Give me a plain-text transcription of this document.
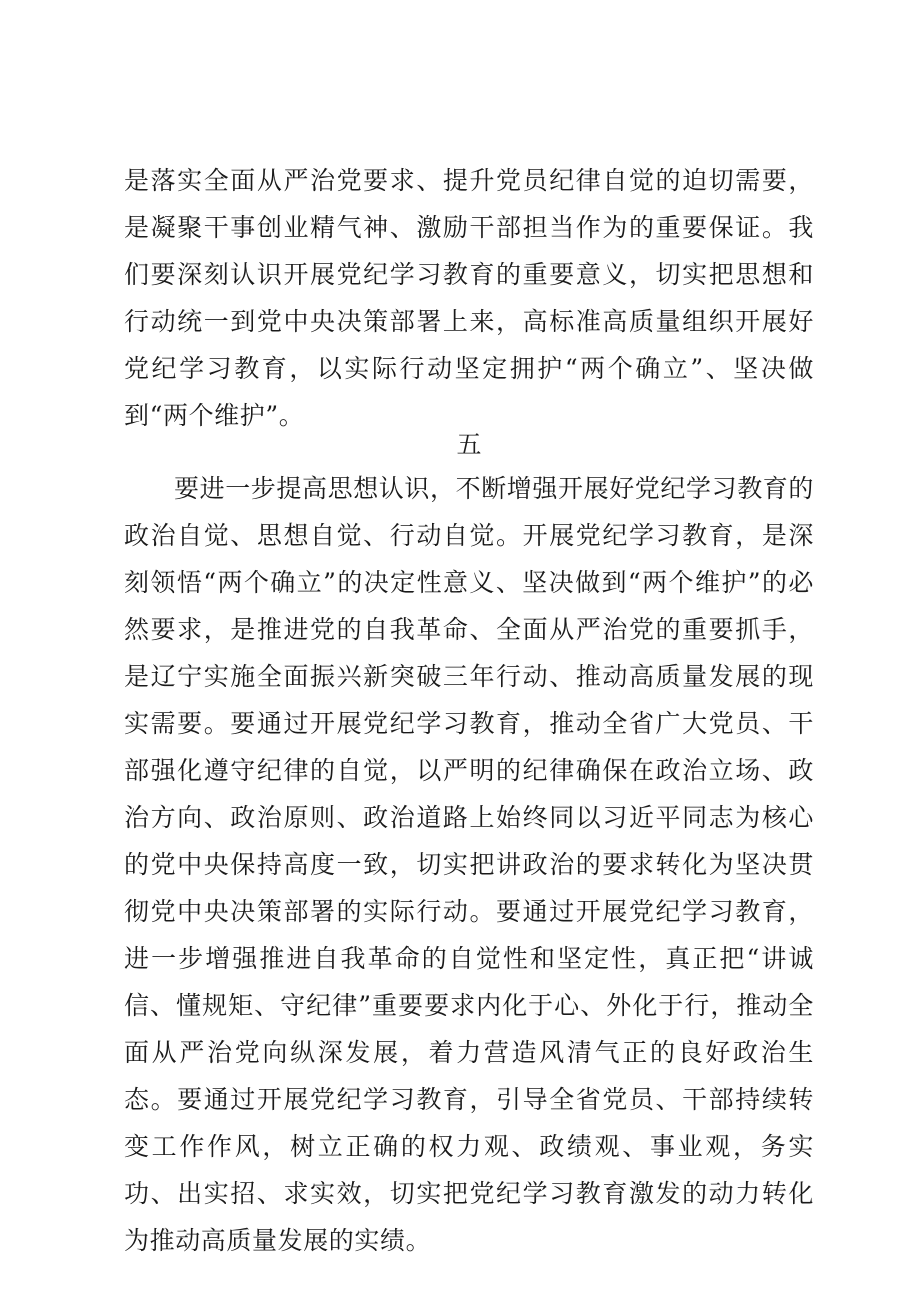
是落实全面从严治党要求、提升党员纪律自觉的迫切需要，是凝聚干事创业精气神、激励干部担当作为的重要保证。我们要深刻认识开展党纪学习教育的重要意义，切实把思想和行动统一到党中央决策部署上来，高标准高质量组织开展好党纪学习教育，以实际行动坚定拥护“两个确立”、坚决做到“两个维护”。

五

要进一步提高思想认识，不断增强开展好党纪学习教育的政治自觉、思想自觉、行动自觉。开展党纪学习教育，是深刻领悟“两个确立”的决定性意义、坚决做到“两个维护”的必然要求，是推进党的自我革命、全面从严治党的重要抓手，是辽宁实施全面振兴新突破三年行动、推动高质量发展的现实需要。要通过开展党纪学习教育，推动全省广大党员、干部强化遵守纪律的自觉，以严明的纪律确保在政治立场、政治方向、政治原则、政治道路上始终同以习近平同志为核心的党中央保持高度一致，切实把讲政治的要求转化为坚决贯彻党中央决策部署的实际行动。要通过开展党纪学习教育，进一步增强推进自我革命的自觉性和坚定性，真正把“讲诚信、懂规矩、守纪律”重要要求内化于心、外化于行，推动全面从严治党向纵深发展，着力营造风清气正的良好政治生态。要通过开展党纪学习教育，引导全省党员、干部持续转变工作作风，树立正确的权力观、政绩观、事业观，务实功、出实招、求实效，切实把党纪学习教育激发的动力转化为推动高质量发展的实绩。
